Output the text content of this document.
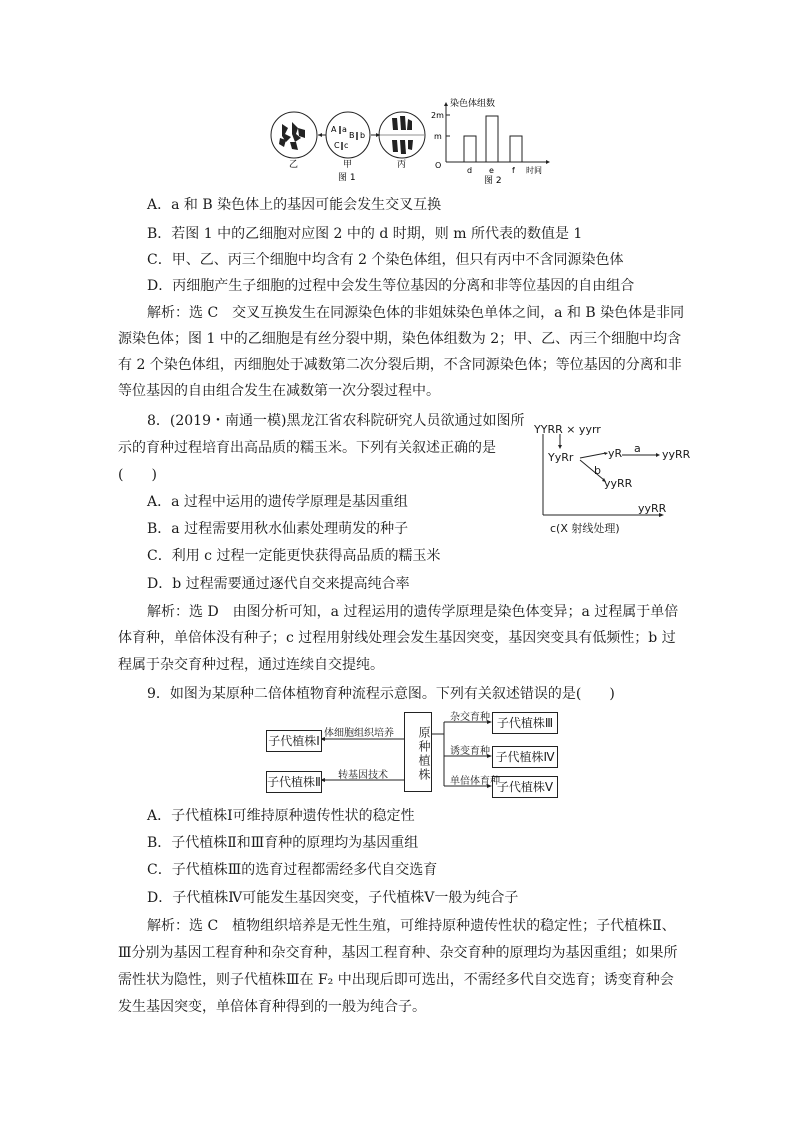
A ‖ a
B ‖ b
C ‖ c
乙	甲	丙
图 1
染色体组数
2m
m
O
d e f 时间
图 2
A．a 和 B 染色体上的基因可能会发生交叉互换
B．若图 1 中的乙细胞对应图 2 中的 d 时期，则 m 所代表的数值是 1
C．甲、乙、丙三个细胞中均含有 2 个染色体组，但只有丙中不含同源染色体
D．丙细胞产生子细胞的过程中会发生等位基因的分离和非等位基因的自由组合
解析：选 C　交叉互换发生在同源染色体的非姐妹染色单体之间，a 和 B 染色体是非同
源染色体；图 1 中的乙细胞是有丝分裂中期，染色体组数为 2；甲、乙、丙三个细胞中均含
有 2 个染色体组，丙细胞处于减数第二次分裂后期，不含同源染色体；等位基因的分离和非
等位基因的自由组合发生在减数第一次分裂过程中。
8．(2019・南通一模)黑龙江省农科院研究人员欲通过如图所
示的育种过程培育出高品质的糯玉米。下列有关叙述正确的是
(　　)
YYRR × yyrr
YyRr	yR a yyRR
b
yyRR
yyRR
c(X 射线处理)
A．a 过程中运用的遗传学原理是基因重组
B．a 过程需要用秋水仙素处理萌发的种子
C．利用 c 过程一定能更快获得高品质的糯玉米
D．b 过程需要通过逐代自交来提高纯合率
解析：选 D　由图分析可知，a 过程运用的遗传学原理是染色体变异；a 过程属于单倍
体育种，单倍体没有种子；c 过程用射线处理会发生基因突变，基因突变具有低频性；b 过
程属于杂交育种过程，通过连续自交提纯。
9．如图为某原种二倍体植物育种流程示意图。下列有关叙述错误的是(　　)
子代植株Ⅰ
子代植株Ⅱ	原种植株
子代植株Ⅲ
子代植株Ⅳ
子代植株Ⅴ
体细胞组织培养
转基因技术
杂交育种
诱变育种
单倍体育种
A．子代植株Ⅰ可维持原种遗传性状的稳定性
B．子代植株Ⅱ和Ⅲ育种的原理均为基因重组
C．子代植株Ⅲ的选育过程都需经多代自交选育
D．子代植株Ⅳ可能发生基因突变，子代植株Ⅴ一般为纯合子
解析：选 C　植物组织培养是无性生殖，可维持原种遗传性状的稳定性；子代植株Ⅱ、
Ⅲ分别为基因工程育种和杂交育种，基因工程育种、杂交育种的原理均为基因重组；如果所
需性状为隐性，则子代植株Ⅲ在 F₂ 中出现后即可选出，不需经多代自交选育；诱变育种会
发生基因突变，单倍体育种得到的一般为纯合子。
